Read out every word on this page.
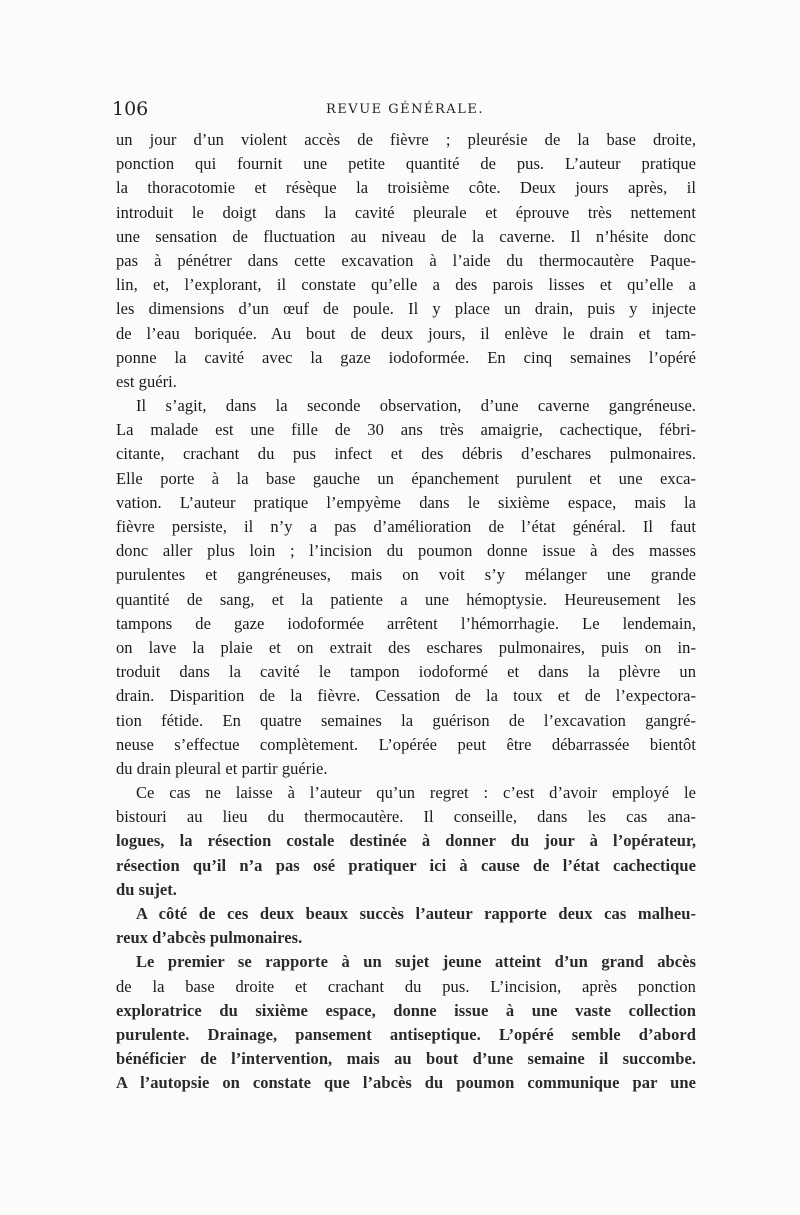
106	REVUE GÉNÉRALE.
un jour d’un violent accès de fièvre ; pleurésie de la base droite,
ponction qui fournit une petite quantité de pus. L’auteur pratique
la thoracotomie et résèque la troisième côte. Deux jours après, il
introduit le doigt dans la cavité pleurale et éprouve très nettement
une sensation de fluctuation au niveau de la caverne. Il n’hésite donc
pas à pénétrer dans cette excavation à l’aide du thermocautère Paque-
lin, et, l’explorant, il constate qu’elle a des parois lisses et qu’elle a
les dimensions d’un œuf de poule. Il y place un drain, puis y injecte
de l’eau boriquée. Au bout de deux jours, il enlève le drain et tam-
ponne la cavité avec la gaze iodoformée. En cinq semaines l’opéré
est guéri.
Il s’agit, dans la seconde observation, d’une caverne gangréneuse.
La malade est une fille de 30 ans très amaigrie, cachectique, fébri-
citante, crachant du pus infect et des débris d’eschares pulmonaires.
Elle porte à la base gauche un épanchement purulent et une exca-
vation. L’auteur pratique l’empyème dans le sixième espace, mais la
fièvre persiste, il n’y a pas d’amélioration de l’état général. Il faut
donc aller plus loin ; l’incision du poumon donne issue à des masses
purulentes et gangréneuses, mais on voit s’y mélanger une grande
quantité de sang, et la patiente a une hémoptysie. Heureusement les
tampons de gaze iodoformée arrêtent l’hémorrhagie. Le lendemain,
on lave la plaie et on extrait des eschares pulmonaires, puis on in-
troduit dans la cavité le tampon iodoformé et dans la plèvre un
drain. Disparition de la fièvre. Cessation de la toux et de l’expectora-
tion fétide. En quatre semaines la guérison de l’excavation gangré-
neuse s’effectue complètement. L’opérée peut être débarrassée bientôt
du drain pleural et partir guérie.
Ce cas ne laisse à l’auteur qu’un regret : c’est d’avoir employé le
bistouri au lieu du thermocautère. Il conseille, dans les cas ana-
logues, la résection costale destinée à donner du jour à l’opérateur,
résection qu’il n’a pas osé pratiquer ici à cause de l’état cachectique
du sujet.
A côté de ces deux beaux succès l’auteur rapporte deux cas malheu-
reux d’abcès pulmonaires.
Le premier se rapporte à un sujet jeune atteint d’un grand abcès
de la base droite et crachant du pus. L’incision, après ponction
exploratrice du sixième espace, donne issue à une vaste collection
purulente. Drainage, pansement antiseptique. L’opéré semble d’abord
bénéficier de l’intervention, mais au bout d’une semaine il succombe.
A l’autopsie on constate que l’abcès du poumon communique par une
